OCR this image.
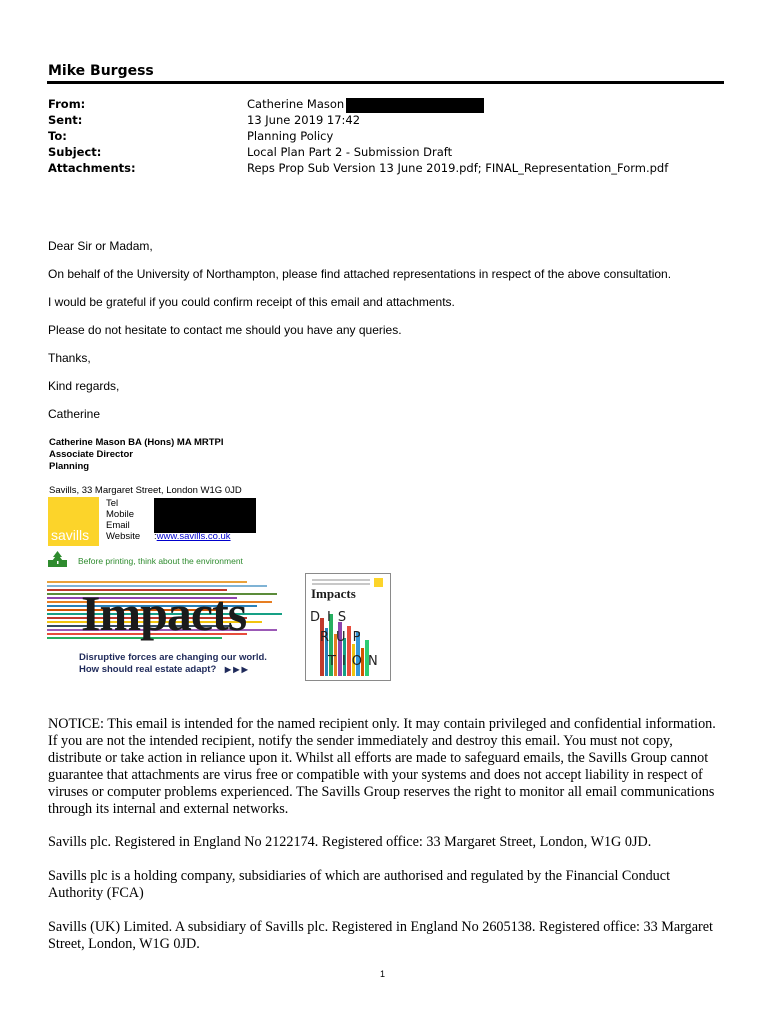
Mike Burgess
From:	Catherine Mason
Sent:	13 June 2019 17:42
To:	Planning Policy
Subject:	Local Plan Part 2 - Submission Draft
Attachments:	Reps Prop Sub Version 13 June 2019.pdf; FINAL_Representation_Form.pdf
Dear Sir or Madam,
On behalf of the University of Northampton, please find attached representations in respect of the above consultation.
I would be grateful if you could confirm receipt of this email and attachments.
Please do not hesitate to contact me should you have any queries.
Thanks,
Kind regards,
Catherine
Catherine Mason BA (Hons) MA MRTPI
Associate Director
Planning
Savills, 33 Margaret Street, London W1G 0JD
savills
Tel
Mobile
Email
Website :www.savills.co.uk
Before printing, think about the environment
Impacts
Disruptive forces are changing our world.
How should real estate adapt? ▶ ▶ ▶
Impacts
DIS
RUP
TION
NOTICE: This email is intended for the named recipient only. It may contain privileged and confidential information. If you are not the intended recipient, notify the sender immediately and destroy this email. You must not copy, distribute or take action in reliance upon it. Whilst all efforts are made to safeguard emails, the Savills Group cannot guarantee that attachments are virus free or compatible with your systems and does not accept liability in respect of viruses or computer problems experienced. The Savills Group reserves the right to monitor all email communications through its internal and external networks.
Savills plc. Registered in England No 2122174. Registered office: 33 Margaret Street, London, W1G 0JD.
Savills plc is a holding company, subsidiaries of which are authorised and regulated by the Financial Conduct Authority (FCA)
Savills (UK) Limited. A subsidiary of Savills plc. Registered in England No 2605138. Registered office: 33 Margaret Street, London, W1G 0JD.
1
